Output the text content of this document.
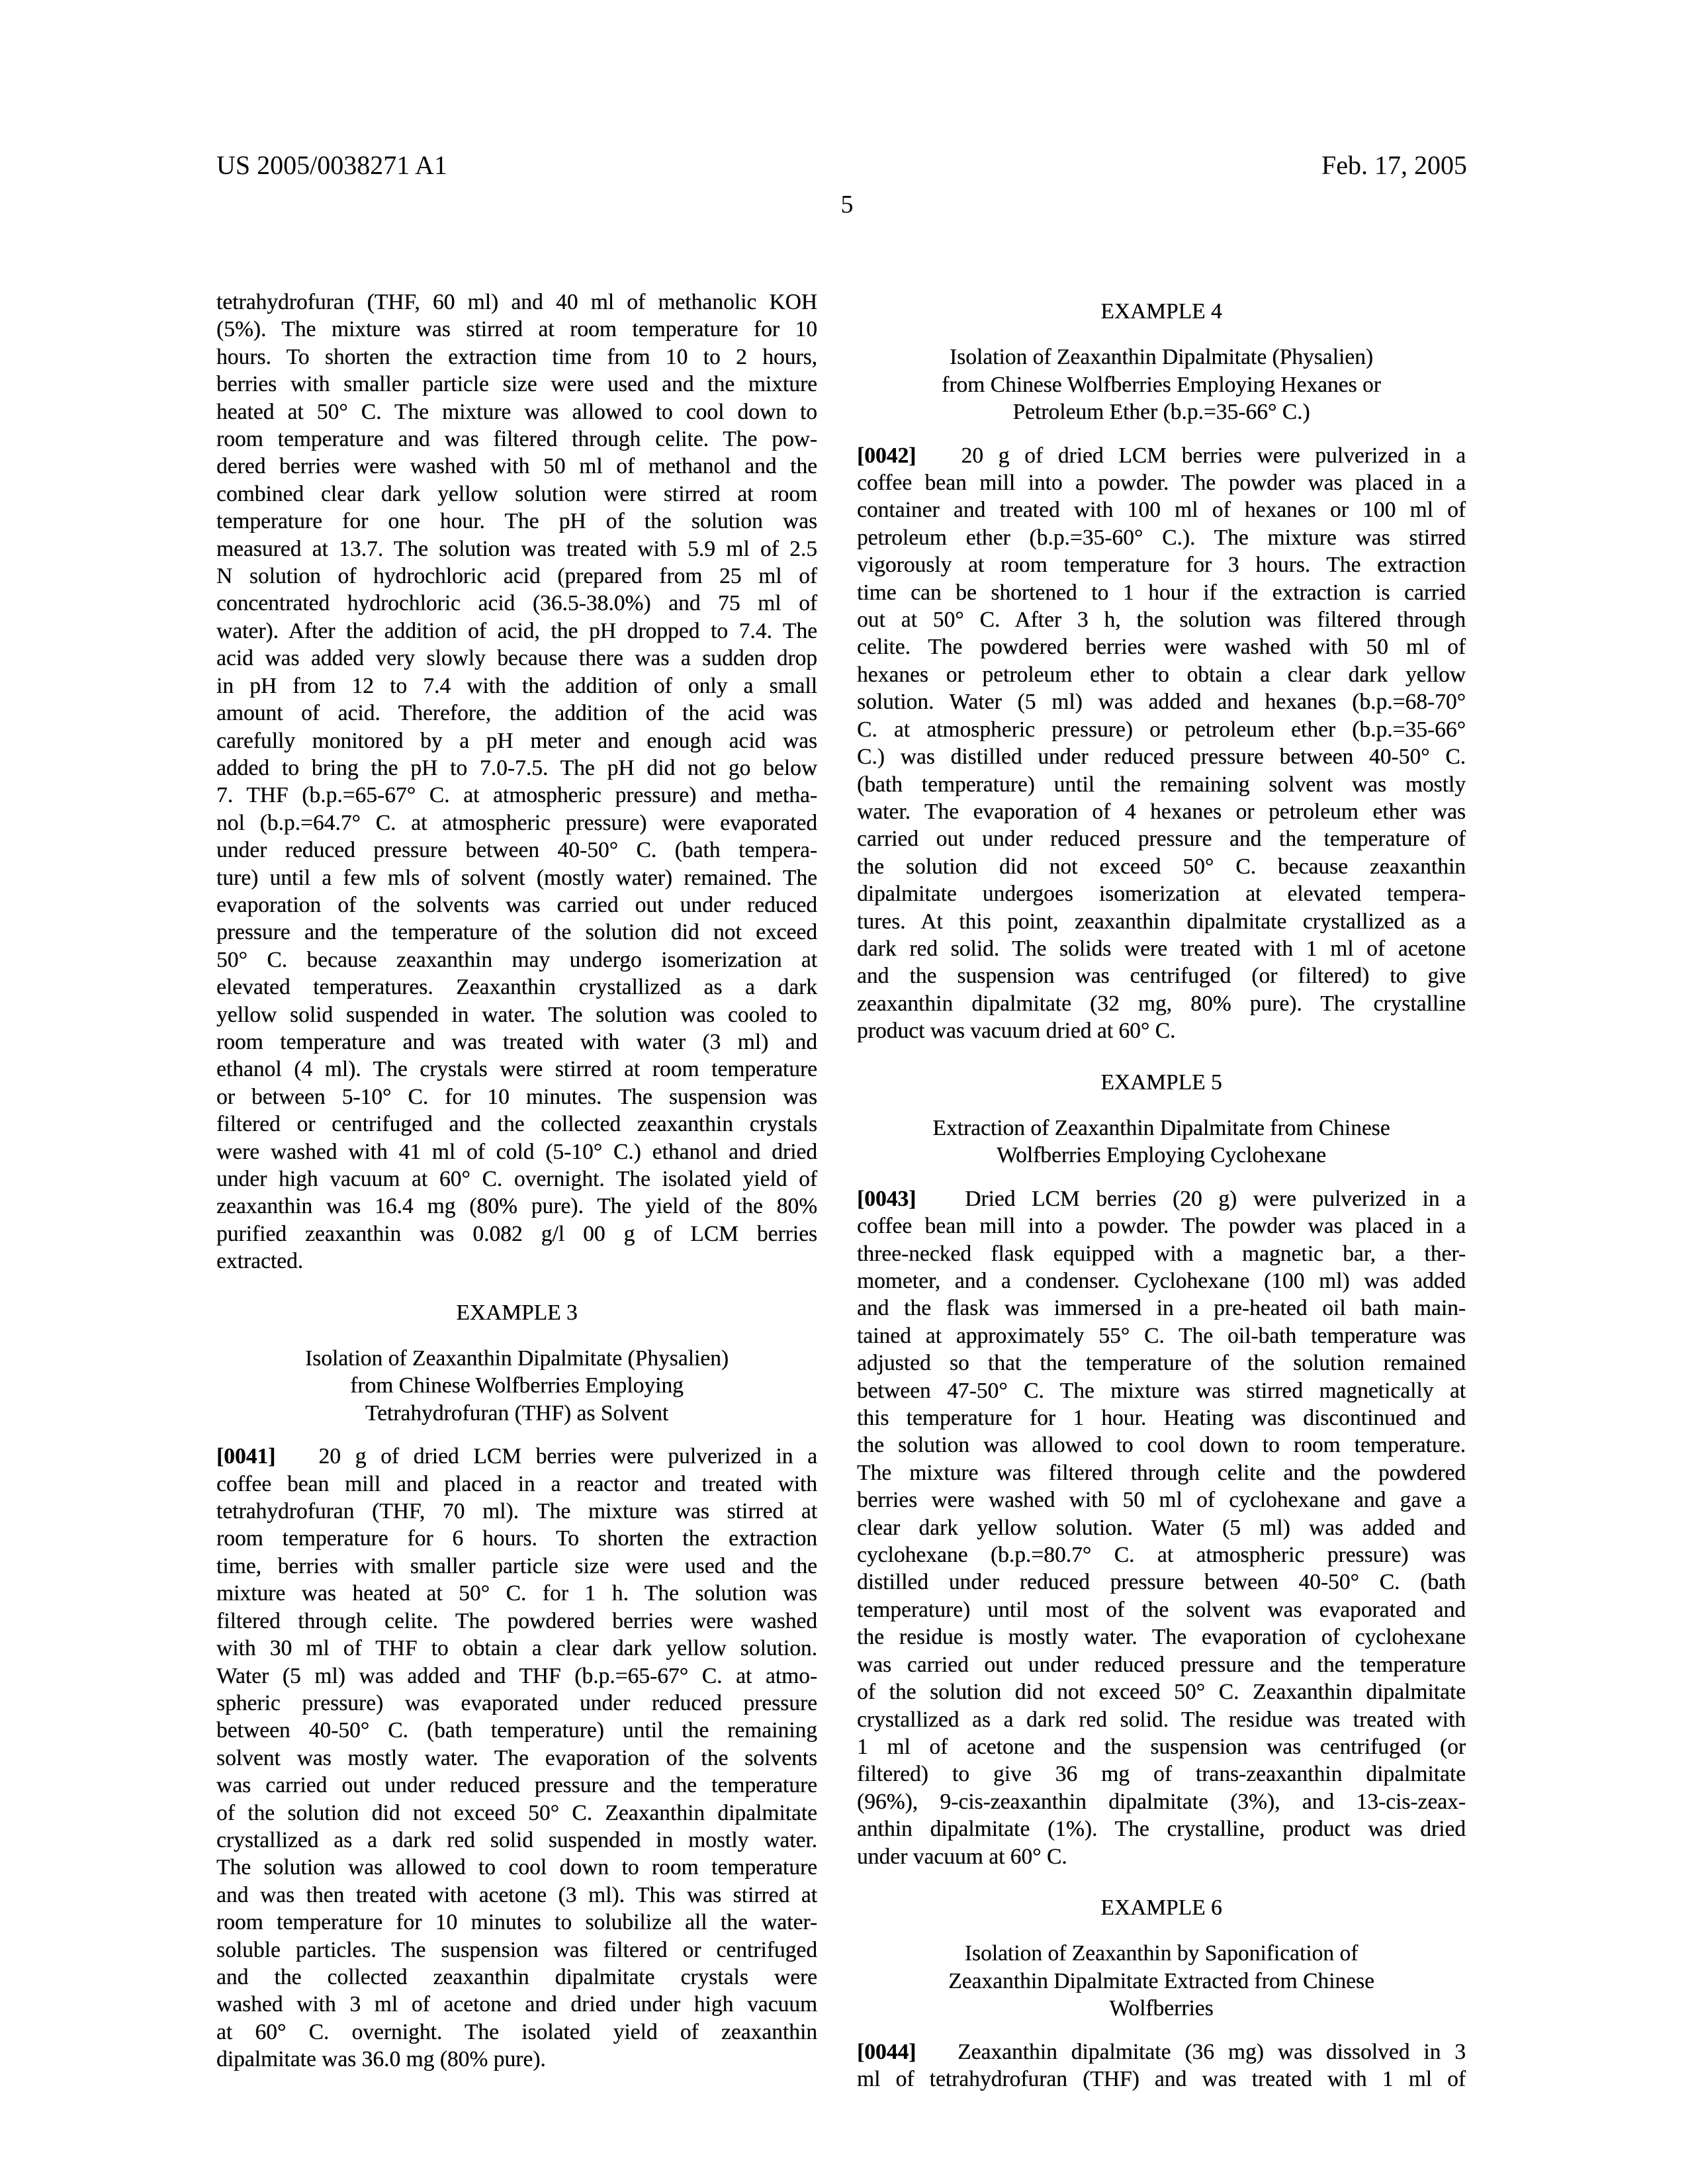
US 2005/0038271 A1	Feb. 17, 2005
5
tetrahydrofuran (THF, 60 ml) and 40 ml of methanolic KOH
(5%). The mixture was stirred at room temperature for 10
hours. To shorten the extraction time from 10 to 2 hours,
berries with smaller particle size were used and the mixture
heated at 50° C. The mixture was allowed to cool down to
room temperature and was filtered through celite. The pow-
dered berries were washed with 50 ml of methanol and the
combined clear dark yellow solution were stirred at room
temperature for one hour. The pH of the solution was
measured at 13.7. The solution was treated with 5.9 ml of 2.5
N solution of hydrochloric acid (prepared from 25 ml of
concentrated hydrochloric acid (36.5-38.0%) and 75 ml of
water). After the addition of acid, the pH dropped to 7.4. The
acid was added very slowly because there was a sudden drop
in pH from 12 to 7.4 with the addition of only a small
amount of acid. Therefore, the addition of the acid was
carefully monitored by a pH meter and enough acid was
added to bring the pH to 7.0-7.5. The pH did not go below
7. THF (b.p.=65-67° C. at atmospheric pressure) and metha-
nol (b.p.=64.7° C. at atmospheric pressure) were evaporated
under reduced pressure between 40-50° C. (bath tempera-
ture) until a few mls of solvent (mostly water) remained. The
evaporation of the solvents was carried out under reduced
pressure and the temperature of the solution did not exceed
50° C. because zeaxanthin may undergo isomerization at
elevated temperatures. Zeaxanthin crystallized as a dark
yellow solid suspended in water. The solution was cooled to
room temperature and was treated with water (3 ml) and
ethanol (4 ml). The crystals were stirred at room temperature
or between 5-10° C. for 10 minutes. The suspension was
filtered or centrifuged and the collected zeaxanthin crystals
were washed with 41 ml of cold (5-10° C.) ethanol and dried
under high vacuum at 60° C. overnight. The isolated yield of
zeaxanthin was 16.4 mg (80% pure). The yield of the 80%
purified zeaxanthin was 0.082 g/l 00 g of LCM berries
extracted.
EXAMPLE 3
Isolation of Zeaxanthin Dipalmitate (Physalien)
from Chinese Wolfberries Employing
Tetrahydrofuran (THF) as Solvent
[0041]   20 g of dried LCM berries were pulverized in a
coffee bean mill and placed in a reactor and treated with
tetrahydrofuran (THF, 70 ml). The mixture was stirred at
room temperature for 6 hours. To shorten the extraction
time, berries with smaller particle size were used and the
mixture was heated at 50° C. for 1 h. The solution was
filtered through celite. The powdered berries were washed
with 30 ml of THF to obtain a clear dark yellow solution.
Water (5 ml) was added and THF (b.p.=65-67° C. at atmo-
spheric pressure) was evaporated under reduced pressure
between 40-50° C. (bath temperature) until the remaining
solvent was mostly water. The evaporation of the solvents
was carried out under reduced pressure and the temperature
of the solution did not exceed 50° C. Zeaxanthin dipalmitate
crystallized as a dark red solid suspended in mostly water.
The solution was allowed to cool down to room temperature
and was then treated with acetone (3 ml). This was stirred at
room temperature for 10 minutes to solubilize all the water-
soluble particles. The suspension was filtered or centrifuged
and the collected zeaxanthin dipalmitate crystals were
washed with 3 ml of acetone and dried under high vacuum
at 60° C. overnight. The isolated yield of zeaxanthin
dipalmitate was 36.0 mg (80% pure).
EXAMPLE 4
Isolation of Zeaxanthin Dipalmitate (Physalien)
from Chinese Wolfberries Employing Hexanes or
Petroleum Ether (b.p.=35-66° C.)
[0042]   20 g of dried LCM berries were pulverized in a
coffee bean mill into a powder. The powder was placed in a
container and treated with 100 ml of hexanes or 100 ml of
petroleum ether (b.p.=35-60° C.). The mixture was stirred
vigorously at room temperature for 3 hours. The extraction
time can be shortened to 1 hour if the extraction is carried
out at 50° C. After 3 h, the solution was filtered through
celite. The powdered berries were washed with 50 ml of
hexanes or petroleum ether to obtain a clear dark yellow
solution. Water (5 ml) was added and hexanes (b.p.=68-70°
C. at atmospheric pressure) or petroleum ether (b.p.=35-66°
C.) was distilled under reduced pressure between 40-50° C.
(bath temperature) until the remaining solvent was mostly
water. The evaporation of 4 hexanes or petroleum ether was
carried out under reduced pressure and the temperature of
the solution did not exceed 50° C. because zeaxanthin
dipalmitate undergoes isomerization at elevated tempera-
tures. At this point, zeaxanthin dipalmitate crystallized as a
dark red solid. The solids were treated with 1 ml of acetone
and the suspension was centrifuged (or filtered) to give
zeaxanthin dipalmitate (32 mg, 80% pure). The crystalline
product was vacuum dried at 60° C.
EXAMPLE 5
Extraction of Zeaxanthin Dipalmitate from Chinese
Wolfberries Employing Cyclohexane
[0043]   Dried LCM berries (20 g) were pulverized in a
coffee bean mill into a powder. The powder was placed in a
three-necked flask equipped with a magnetic bar, a ther-
mometer, and a condenser. Cyclohexane (100 ml) was added
and the flask was immersed in a pre-heated oil bath main-
tained at approximately 55° C. The oil-bath temperature was
adjusted so that the temperature of the solution remained
between 47-50° C. The mixture was stirred magnetically at
this temperature for 1 hour. Heating was discontinued and
the solution was allowed to cool down to room temperature.
The mixture was filtered through celite and the powdered
berries were washed with 50 ml of cyclohexane and gave a
clear dark yellow solution. Water (5 ml) was added and
cyclohexane (b.p.=80.7° C. at atmospheric pressure) was
distilled under reduced pressure between 40-50° C. (bath
temperature) until most of the solvent was evaporated and
the residue is mostly water. The evaporation of cyclohexane
was carried out under reduced pressure and the temperature
of the solution did not exceed 50° C. Zeaxanthin dipalmitate
crystallized as a dark red solid. The residue was treated with
1 ml of acetone and the suspension was centrifuged (or
filtered) to give 36 mg of trans-zeaxanthin dipalmitate
(96%), 9-cis-zeaxanthin dipalmitate (3%), and 13-cis-zeax-
anthin dipalmitate (1%). The crystalline, product was dried
under vacuum at 60° C.
EXAMPLE 6
Isolation of Zeaxanthin by Saponification of
Zeaxanthin Dipalmitate Extracted from Chinese
Wolfberries
[0044]   Zeaxanthin dipalmitate (36 mg) was dissolved in 3
ml of tetrahydrofuran (THF) and was treated with 1 ml of
